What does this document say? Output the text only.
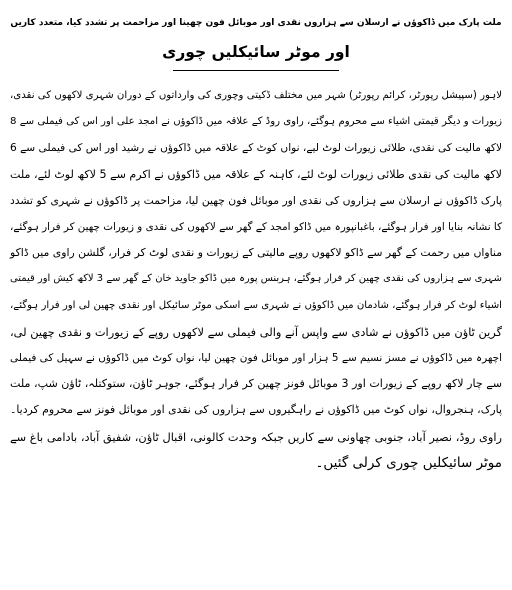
ملت پارک میں ڈاکوؤں نے ارسلان سے ہزاروں نقدی اور موبائل فون چھینا اور مزاحمت پر تشدد کیا، متعدد کاریں
اور موٹر سائیکلیں چوری
لاہور (سپیشل رپورٹر، کرائم رپورٹر) شہر میں مختلف ڈکیتی وچوری کی وارداتوں کے دوران شہری لاکھوں کی نقدی،
زیورات و دیگر قیمتی اشیاء سے محروم ہوگئے، راوی روڈ کے علاقہ میں ڈاکوؤں نے امجد علی اور اس کی فیملی سے 8
لاکھ مالیت کی نقدی، طلائی زیورات لوٹ لیے، نواں کوٹ کے علاقہ میں ڈاکوؤں نے رشید اور اس کی فیملی سے 6
لاکھ مالیت کی نقدی طلائی زیورات لوٹ لئے، کاہنہ کے علاقہ میں ڈاکوؤں نے اکرم سے 5 لاکھ لوٹ لئے، ملت
پارک ڈاکوؤں نے ارسلان سے ہزاروں کی نقدی اور موبائل فون چھین لیا، مزاحمت پر ڈاکوؤں نے شہری کو تشدد
کا نشانہ بنایا اور فرار ہوگئے، باغبانپورہ میں ڈاکو امجد کے گھر سے لاکھوں کی نقدی و زیورات چھین کر فرار ہوگئے،
مناواں میں رحمت کے گھر سے ڈاکو لاکھوں روپے مالیتی کے زیورات و نقدی لوٹ کر فرار، گلشن راوی میں ڈاکو
شہری سے ہزاروں کی نقدی چھین کر فرار ہوگئے، ہربنس پورہ میں ڈاکو جاوید خان کے گھر سے 3 لاکھ کیش اور قیمتی
اشیاء لوٹ کر فرار ہوگئے، شادمان میں ڈاکوؤں نے شہری سے اسکی موٹر سائیکل اور نقدی چھین لی اور فرار ہوگئے،
گرین ٹاؤن میں ڈاکوؤں نے شادی سے واپس آنے والی فیملی سے لاکھوں روپے کے زیورات و نقدی چھین لی،
اچھرہ میں ڈاکوؤں نے مسز نسیم سے 5 ہزار اور موبائل فون چھین لیا، نواں کوٹ میں ڈاکوؤں نے سہیل کی فیملی
سے چار لاکھ روپے کے زیورات اور 3 موبائل فونز چھین کر فرار ہوگئے، جوہر ٹاؤن، ستوکتلہ، ٹاؤن شپ، ملت
پارک، ہنجروال، نواں کوٹ میں ڈاکوؤں نے راہگیروں سے ہزاروں کی نقدی اور موبائل فونز سے محروم کردیا۔
راوی روڈ، نصیر آباد، جنوبی چھاونی سے کاریں جبکہ وحدت کالونی، اقبال ٹاؤن، شفیق آباد، بادامی باغ سے
موٹر سائیکلیں چوری کرلی گئیں۔
